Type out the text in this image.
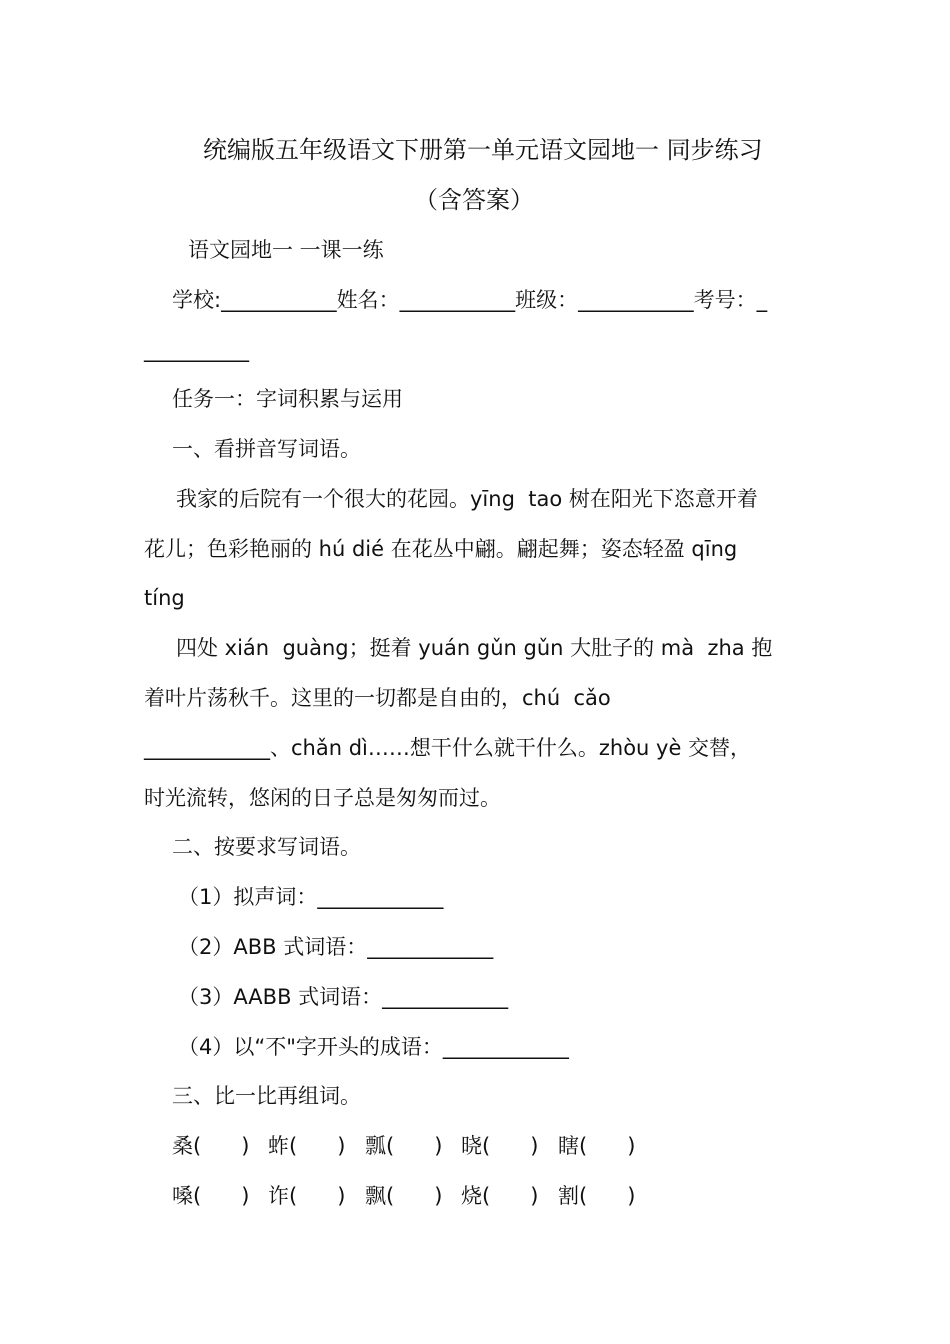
统编版五年级语文下册第一单元语文园地一 同步练习
（含答案）
语文园地一 一课一练
学校:___________姓名：___________班级：___________考号：_
__________
任务一：字词积累与运用
一、看拼音写词语。
我家的后院有一个很大的花园。yīng  tao 树在阳光下恣意开着
花儿；色彩艳丽的 hú dié 在花丛中翩。翩起舞；姿态轻盈 qīng
tíng
四处 xián  guàng；挺着 yuán gǔn gǔn 大肚子的 mà  zha 抱
着叶片荡秋千。这里的一切都是自由的，chú  cǎo
____________、chǎn dì……想干什么就干什么。zhòu yè 交替，
时光流转，悠闲的日子总是匆匆而过。
二、按要求写词语。
（1）拟声词：____________
（2）ABB 式词语：____________
（3）AABB 式词语：____________
（4）以“不"字开头的成语：____________
三、比一比再组词。
桑(      ) 蚱(      ) 瓢(      ) 晓(      ) 瞎(      )
嗓(      ) 诈(      ) 飘(      ) 烧(      ) 割(      )
